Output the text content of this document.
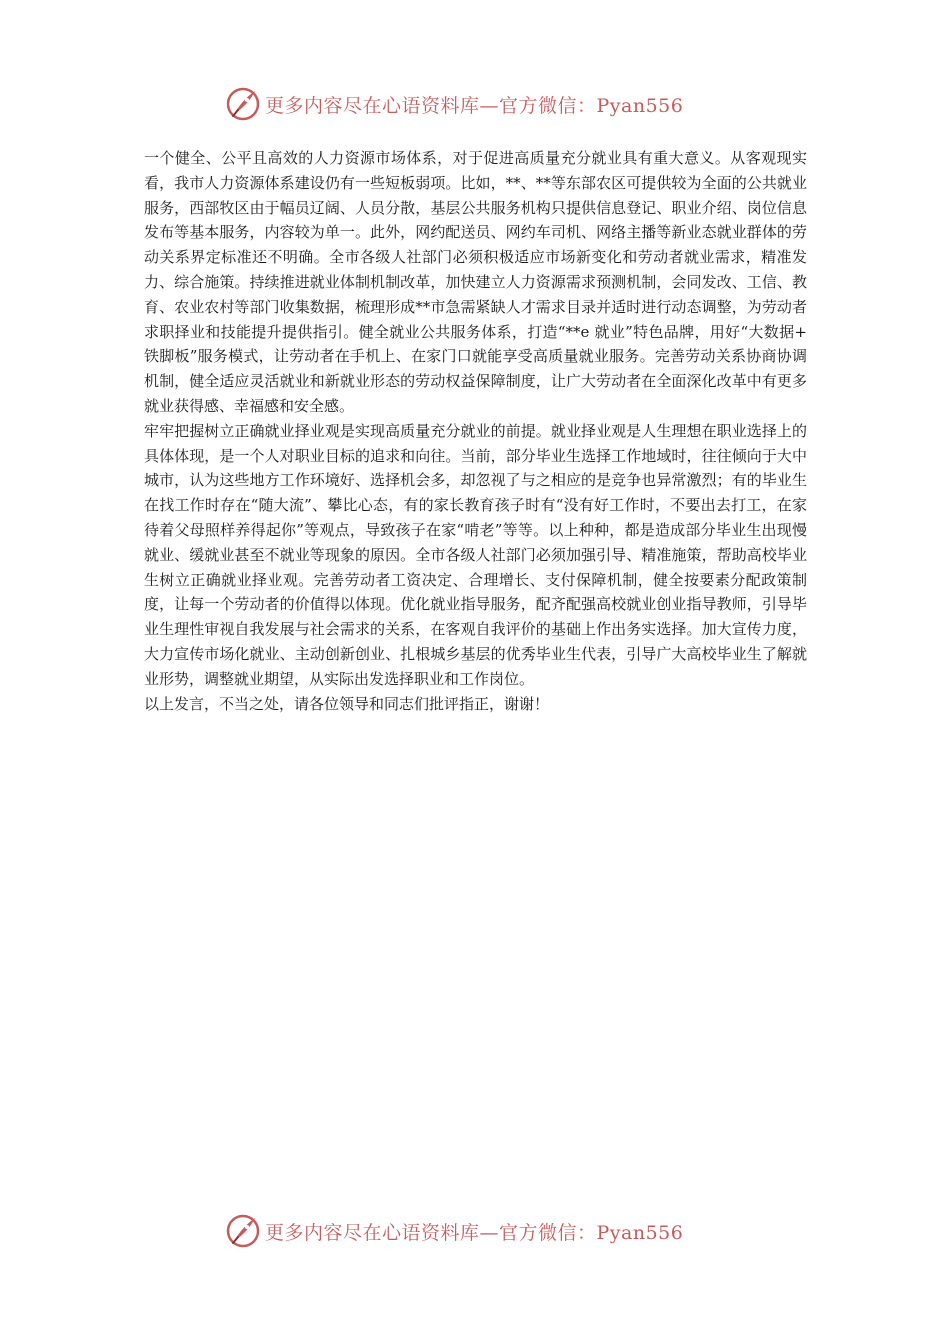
更多内容尽在心语资料库—官方微信：Pyan556

一个健全、公平且高效的人力资源市场体系，对于促进高质量充分就业具有重大意义。从客观现实看，我市人力资源体系建设仍有一些短板弱项。比如，**、**等东部农区可提供较为全面的公共就业服务，西部牧区由于幅员辽阔、人员分散，基层公共服务机构只提供信息登记、职业介绍、岗位信息发布等基本服务，内容较为单一。此外，网约配送员、网约车司机、网络主播等新业态就业群体的劳动关系界定标准还不明确。全市各级人社部门必须积极适应市场新变化和劳动者就业需求，精准发力、综合施策。持续推进就业体制机制改革，加快建立人力资源需求预测机制，会同发改、工信、教育、农业农村等部门收集数据，梳理形成**市急需紧缺人才需求目录并适时进行动态调整，为劳动者求职择业和技能提升提供指引。健全就业公共服务体系，打造“**e 就业”特色品牌，用好“大数据+ 铁脚板”服务模式，让劳动者在手机上、在家门口就能享受高质量就业服务。完善劳动关系协商协调机制，健全适应灵活就业和新就业形态的劳动权益保障制度，让广大劳动者在全面深化改革中有更多就业获得感、幸福感和安全感。

牢牢把握树立正确就业择业观是实现高质量充分就业的前提。就业择业观是人生理想在职业选择上的具体体现，是一个人对职业目标的追求和向往。当前，部分毕业生选择工作地域时，往往倾向于大中城市，认为这些地方工作环境好、选择机会多，却忽视了与之相应的是竞争也异常激烈；有的毕业生在找工作时存在“随大流”、攀比心态，有的家长教育孩子时有“没有好工作时，不要出去打工，在家待着父母照样养得起你”等观点，导致孩子在家“啃老”等等。以上种种，都是造成部分毕业生出现慢就业、缓就业甚至不就业等现象的原因。全市各级人社部门必须加强引导、精准施策，帮助高校毕业生树立正确就业择业观。完善劳动者工资决定、合理增长、支付保障机制，健全按要素分配政策制度，让每一个劳动者的价值得以体现。优化就业指导服务，配齐配强高校就业创业指导教师，引导毕业生理性审视自我发展与社会需求的关系，在客观自我评价的基础上作出务实选择。加大宣传力度，大力宣传市场化就业、主动创新创业、扎根城乡基层的优秀毕业生代表，引导广大高校毕业生了解就业形势，调整就业期望，从实际出发选择职业和工作岗位。

以上发言，不当之处，请各位领导和同志们批评指正，谢谢！

更多内容尽在心语资料库—官方微信：Pyan556
